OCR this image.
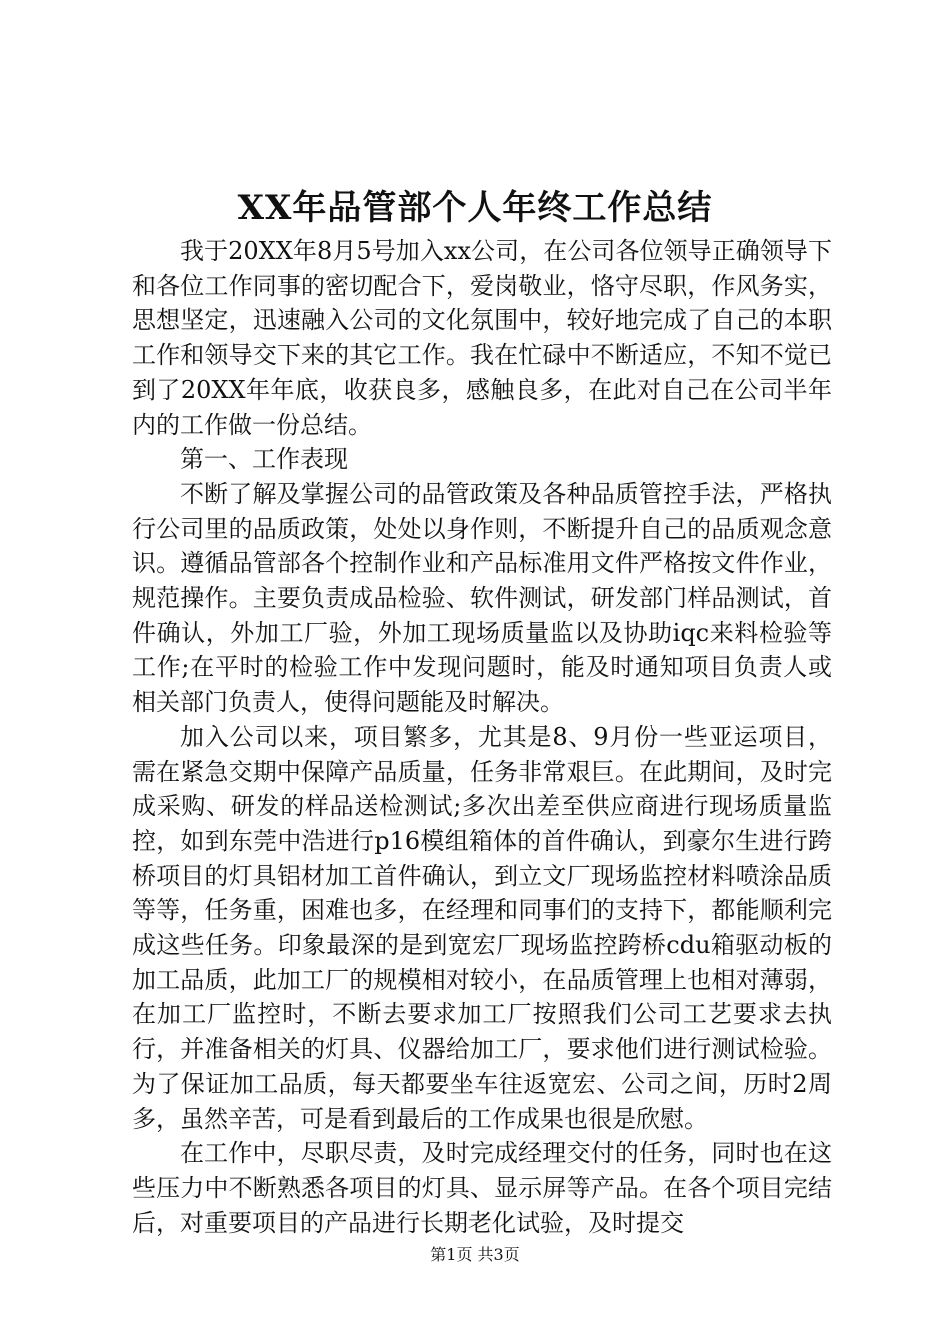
XX年品管部个人年终工作总结

我于20XX年8月5号加入xx公司，在公司各位领导正确领导下和各位工作同事的密切配合下，爱岗敬业，恪守尽职，作风务实，思想坚定，迅速融入公司的文化氛围中，较好地完成了自己的本职工作和领导交下来的其它工作。我在忙碌中不断适应，不知不觉已到了20XX年年底，收获良多，感触良多，在此对自己在公司半年内的工作做一份总结。

第一、工作表现

不断了解及掌握公司的品管政策及各种品质管控手法，严格执行公司里的品质政策，处处以身作则，不断提升自己的品质观念意识。遵循品管部各个控制作业和产品标准用文件严格按文件作业，规范操作。主要负责成品检验、软件测试，研发部门样品测试，首件确认，外加工厂验，外加工现场质量监以及协助iqc来料检验等工作;在平时的检验工作中发现问题时，能及时通知项目负责人或相关部门负责人，使得问题能及时解决。

加入公司以来，项目繁多，尤其是8、9月份一些亚运项目，需在紧急交期中保障产品质量，任务非常艰巨。在此期间，及时完成采购、研发的样品送检测试;多次出差至供应商进行现场质量监控，如到东莞中浩进行p16模组箱体的首件确认，到豪尔生进行跨桥项目的灯具铝材加工首件确认，到立文厂现场监控材料喷涂品质等等，任务重，困难也多，在经理和同事们的支持下，都能顺利完成这些任务。印象最深的是到宽宏厂现场监控跨桥cdu箱驱动板的加工品质，此加工厂的规模相对较小，在品质管理上也相对薄弱，在加工厂监控时，不断去要求加工厂按照我们公司工艺要求去执行，并准备相关的灯具、仪器给加工厂，要求他们进行测试检验。为了保证加工品质，每天都要坐车往返宽宏、公司之间，历时2周多，虽然辛苦，可是看到最后的工作成果也很是欣慰。

在工作中，尽职尽责，及时完成经理交付的任务，同时也在这些压力中不断熟悉各项目的灯具、显示屏等产品。在各个项目完结后，对重要项目的产品进行长期老化试验，及时提交

第1页 共3页
